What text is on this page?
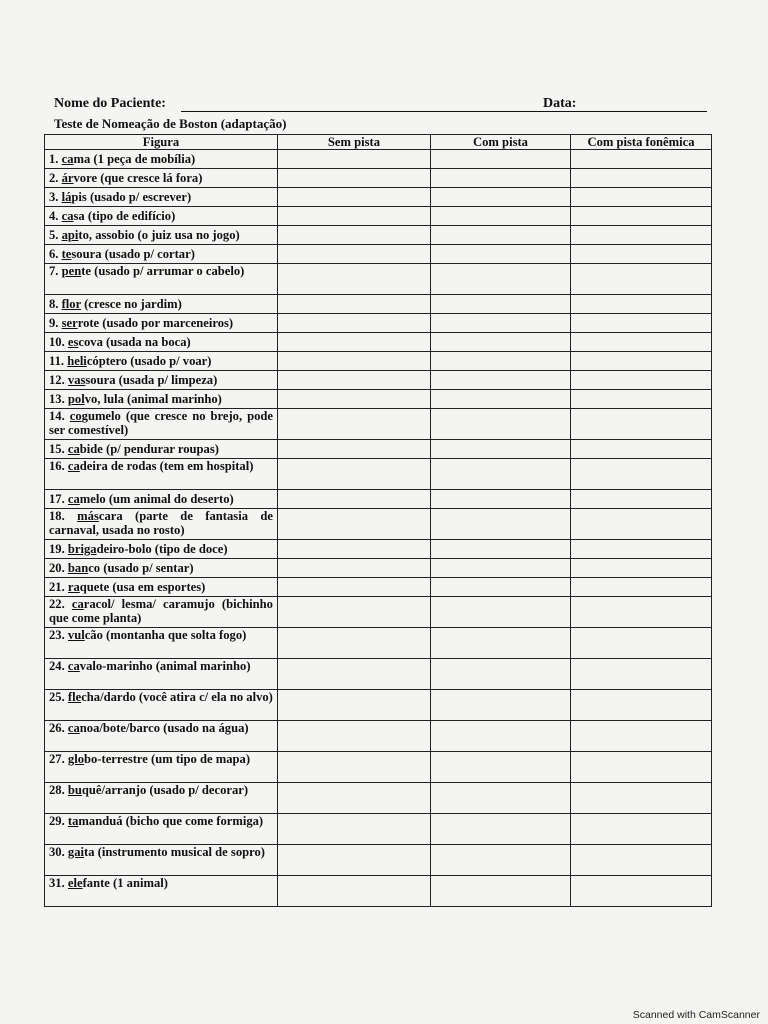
Nome do Paciente:	Data:
Teste de Nomeação de Boston (adaptação)
Figura	Sem pista	Com pista	Com pista fonêmica
1. cama (1 peça de mobília)			
2. árvore (que cresce lá fora)			
3. lápis (usado p/ escrever)			
4. casa (tipo de edifício)			
5. apito, assobio (o juiz usa no jogo)			
6. tesoura (usado p/ cortar)			
7. pente (usado p/ arrumar o cabelo)			
8. flor (cresce no jardim)			
9. serrote (usado por marceneiros)			
10. escova (usada na boca)			
11. helicóptero (usado p/ voar)			
12. vassoura (usada p/ limpeza)			
13. polvo, lula (animal marinho)			
14. cogumelo (que cresce no brejo, pode ser comestível)			
15. cabide (p/ pendurar roupas)			
16. cadeira de rodas (tem em hospital)			
17. camelo (um animal do deserto)			
18. máscara (parte de fantasia de carnaval, usada no rosto)			
19. brigadeiro-bolo (tipo de doce)			
20. banco (usado p/ sentar)			
21. raquete (usa em esportes)			
22. caracol/ lesma/ caramujo (bichinho que come planta)			
23. vulcão (montanha que solta fogo)			
24. cavalo-marinho (animal marinho)			
25. flecha/dardo (você atira c/ ela no alvo)			
26. canoa/bote/barco (usado na água)			
27. globo-terrestre (um tipo de mapa)			
28. buquê/arranjo (usado p/ decorar)			
29. tamanduá (bicho que come formiga)			
30. gaita (instrumento musical de sopro)			
31. elefante (1 animal)			
Scanned with CamScanner
